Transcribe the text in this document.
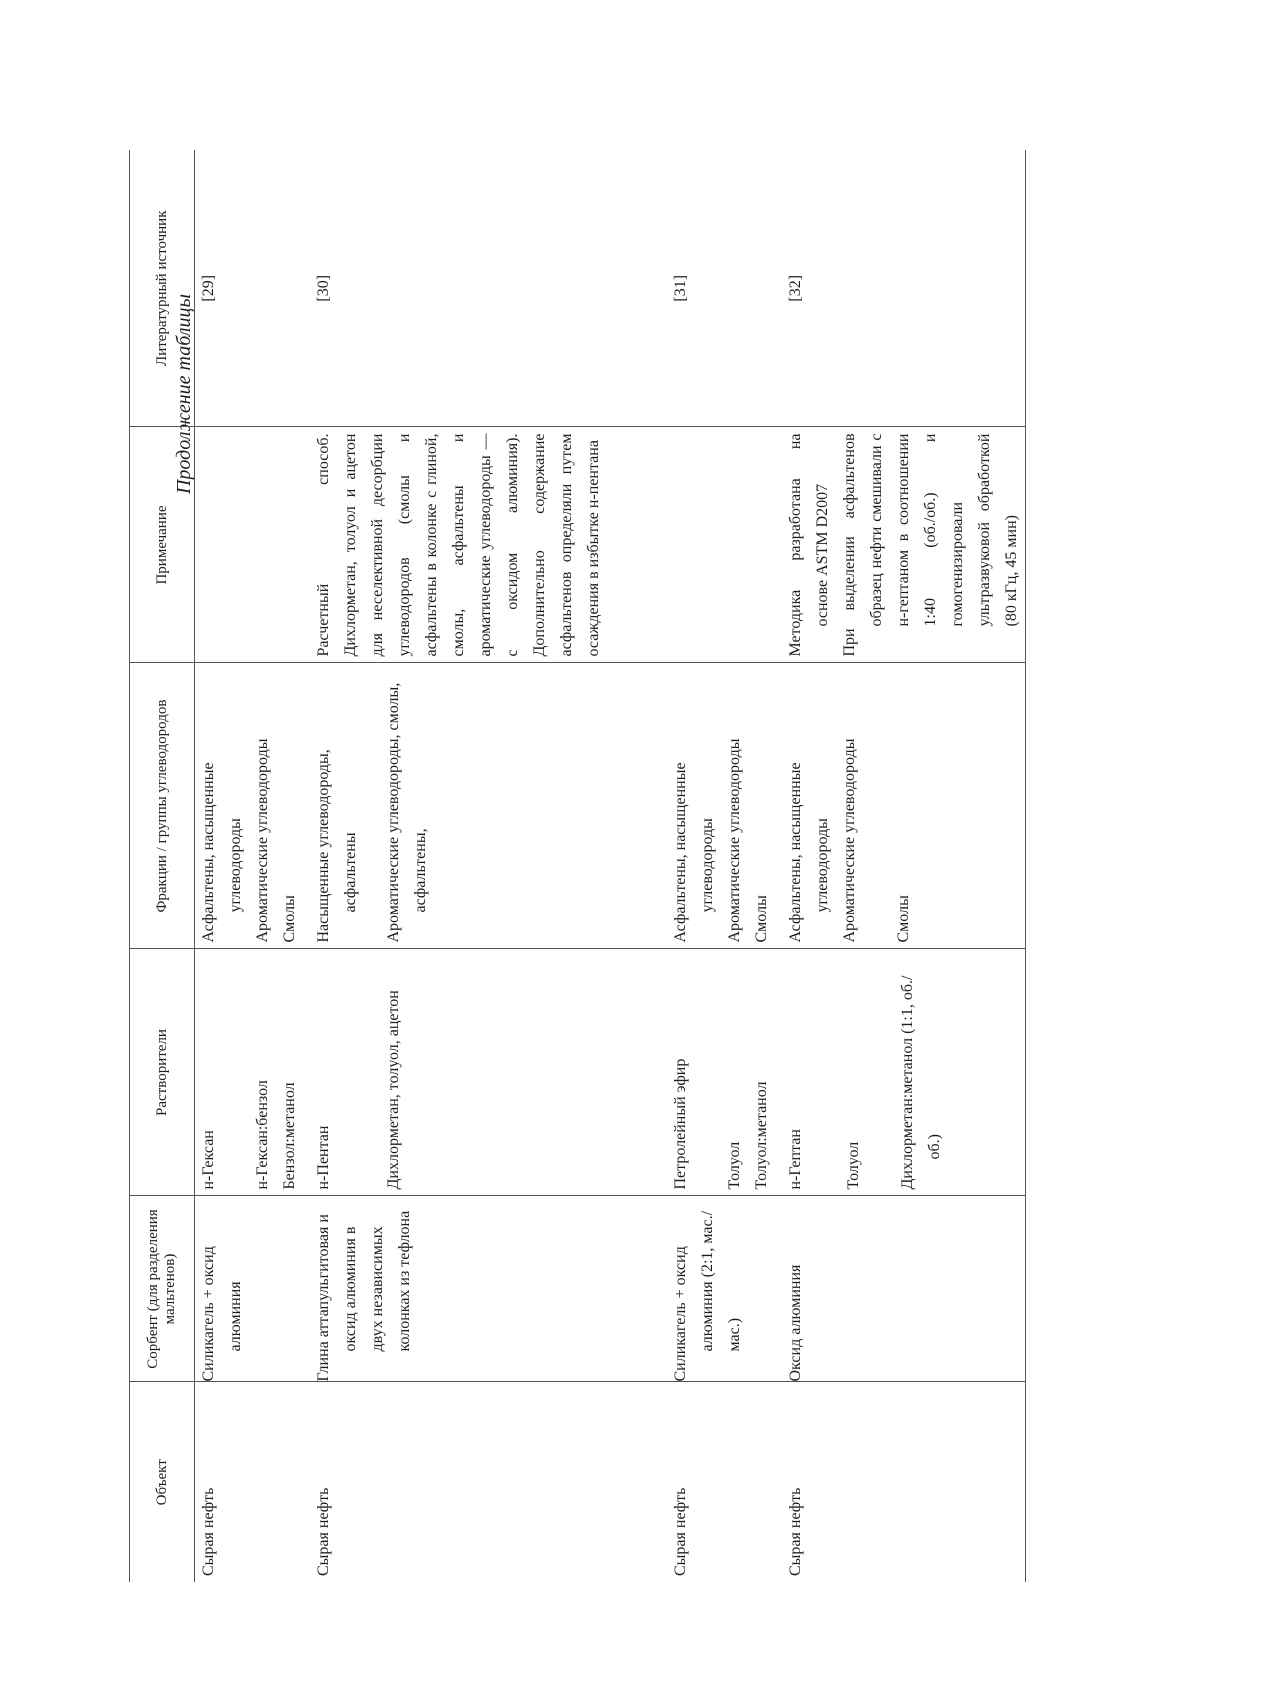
Продолжение таблицы
Объект	Сорбент (для разделения мальтенов)	Растворители	Фракции / группы углеводородов	Примечание	Литературный источник
Сырая нефть	Силикагель + оксид алюминия	н-Гексан н-Гексан:бензол Бензол:метанол	Асфальтены, насыщенные углеводороды Ароматические углеводороды Смолы		[29]
Сырая нефть	Глина аттапульгитовая и оксид алюминия в двух независимых колонках из тефлона	н-Пентан Дихлорметан, толуол, ацетон	Насыщенные углеводороды, асфальтены Ароматические углеводороды, смолы, асфальтены,	Расчетный способ. Дихлорметан, толуол и ацетон для неселективной десорбции углеводородов (смолы и асфальтены в колонке с глиной, смолы, асфальтены и ароматические углеводороды — с оксидом алюминия). Дополнительно содержание асфальтенов определяли путем осаждения в избытке н-пентана	[30]
Сырая нефть	Силикагель + оксид алюминия (2:1, мас./мас.)	Петролейный эфир Толуол Толуол:метанол	Асфальтены, насыщенные углеводороды Ароматические углеводороды Смолы		[31]
Сырая нефть	Оксид алюминия	н-Гептан Толуол Дихлорметан:метанол (1:1, об./об.)	Асфальтены, насыщенные углеводороды Ароматические углеводороды Смолы	Методика разработана на основе ASTM D2007 При выделении асфальтенов образец нефти смешивали с н-гептаном в соотношении 1:40 (об./об.) и гомогенизировали ультразвуковой обработкой (80 кГц, 45 мин)	[32]
